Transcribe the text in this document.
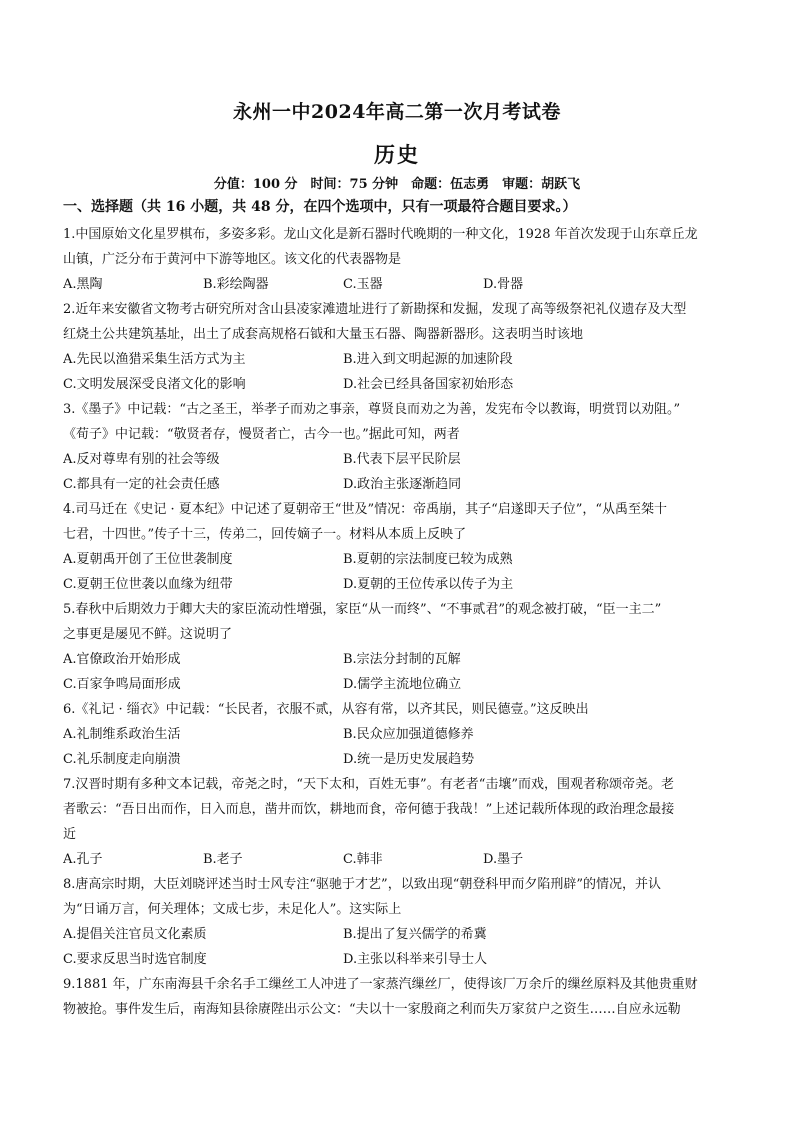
永州一中2024年高二第一次月考试卷
历史
分值：100 分　时间：75 分钟　命题：伍志勇　审题：胡跃飞
一、选择题（共 16 小题，共 48 分，在四个选项中，只有一项最符合题目要求。）
1.中国原始文化星罗棋布，多姿多彩。龙山文化是新石器时代晚期的一种文化，1928 年首次发现于山东章丘龙
山镇，广泛分布于黄河中下游等地区。该文化的代表器物是
A.黑陶	B.彩绘陶器	C.玉器	D.骨器
2.近年来安徽省文物考古研究所对含山县凌家滩遗址进行了新勘探和发掘，发现了高等级祭祀礼仪遗存及大型
红烧土公共建筑基址，出土了成套高规格石钺和大量玉石器、陶器新器形。这表明当时该地
A.先民以渔猎采集生活方式为主	B.进入到文明起源的加速阶段
C.文明发展深受良渚文化的影响	D.社会已经具备国家初始形态
3.《墨子》中记载：“古之圣王，举孝子而劝之事亲，尊贤良而劝之为善，发宪布令以教诲，明赏罚以劝阻。”
《荀子》中记载：“敬贤者存，慢贤者亡，古今一也。”据此可知，两者
A.反对尊卑有别的社会等级	B.代表下层平民阶层
C.都具有一定的社会责任感	D.政治主张逐渐趋同
4.司马迁在《史记 · 夏本纪》中记述了夏朝帝王“世及”情况：帝禹崩，其子“启遂即天子位”，“从禹至桀十
七君，十四世。”传子十三，传弟二，回传嫡子一。材料从本质上反映了
A.夏朝禹开创了王位世袭制度	B.夏朝的宗法制度已较为成熟
C.夏朝王位世袭以血缘为纽带	D.夏朝的王位传承以传子为主
5.春秋中后期效力于卿大夫的家臣流动性增强，家臣“从一而终”、“不事贰君”的观念被打破，“臣一主二”
之事更是屡见不鲜。这说明了
A.官僚政治开始形成	B.宗法分封制的瓦解
C.百家争鸣局面形成	D.儒学主流地位确立
6.《礼记 · 缁衣》中记载：“长民者，衣服不贰，从容有常，以齐其民，则民德壹。”这反映出
A.礼制维系政治生活	B.民众应加强道德修养
C.礼乐制度走向崩溃	D.统一是历史发展趋势
7.汉晋时期有多种文本记载，帝尧之时，“天下太和，百姓无事”。有老者“击壤”而戏，围观者称颂帝尧。老
者歌云：“吾日出而作，日入而息，凿井而饮，耕地而食，帝何德于我哉！”上述记载所体现的政治理念最接
近
A.孔子	B.老子	C.韩非	D.墨子
8.唐高宗时期，大臣刘晓评述当时士风专注“驱驰于才艺”，以致出现“朝登科甲而夕陷刑辟”的情况，并认
为“日诵万言，何关理体；文成七步，未足化人”。这实际上
A.提倡关注官员文化素质	B.提出了复兴儒学的希冀
C.要求反思当时选官制度	D.主张以科举来引导士人
9.1881 年，广东南海县千余名手工缫丝工人冲进了一家蒸汽缫丝厂，使得该厂万余斤的缫丝原料及其他贵重财
物被抢。事件发生后，南海知县徐赓陛出示公文：“夫以十一家殷商之利而失万家贫户之资生……自应永远勒
